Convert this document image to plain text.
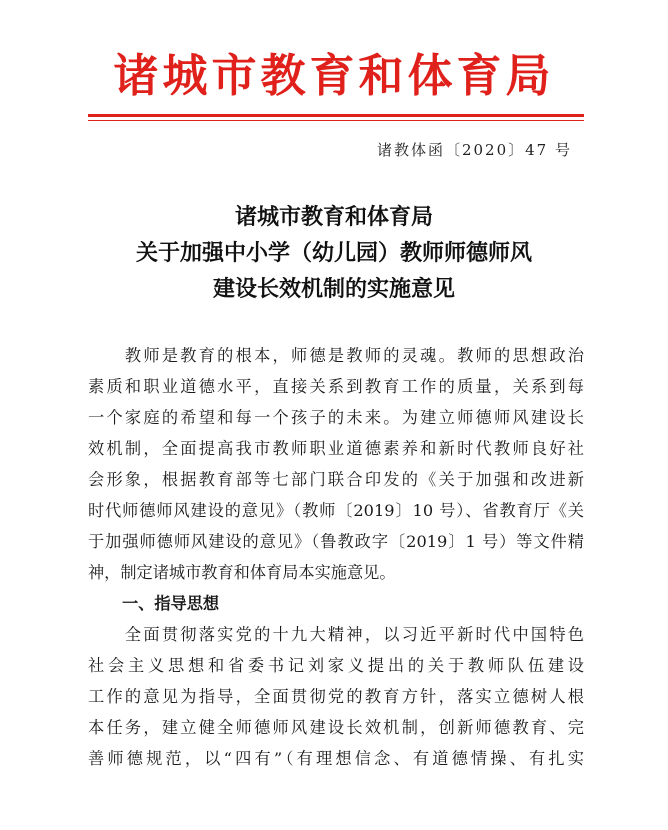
诸城市教育和体育局
诸教体函〔2020〕47 号
诸城市教育和体育局
关于加强中小学（幼儿园）教师师德师风
建设长效机制的实施意见
　　教师是教育的根本，师德是教师的灵魂。教师的思想政治
素质和职业道德水平，直接关系到教育工作的质量，关系到每
一个家庭的希望和每一个孩子的未来。为建立师德师风建设长
效机制，全面提高我市教师职业道德素养和新时代教师良好社
会形象，根据教育部等七部门联合印发的《关于加强和改进新
时代师德师风建设的意见》（教师〔2019〕10 号）、省教育厅《关
于加强师德师风建设的意见》（鲁教政字〔2019〕1 号）等文件精
神，制定诸城市教育和体育局本实施意见。
一、指导思想
　　全面贯彻落实党的十九大精神，以习近平新时代中国特色
社会主义思想和省委书记刘家义提出的关于教师队伍建设
工作的意见为指导，全面贯彻党的教育方针，落实立德树人根
本任务，建立健全师德师风建设长效机制，创新师德教育、完
善师德规范，以“四有”（有理想信念、有道德情操、有扎实
